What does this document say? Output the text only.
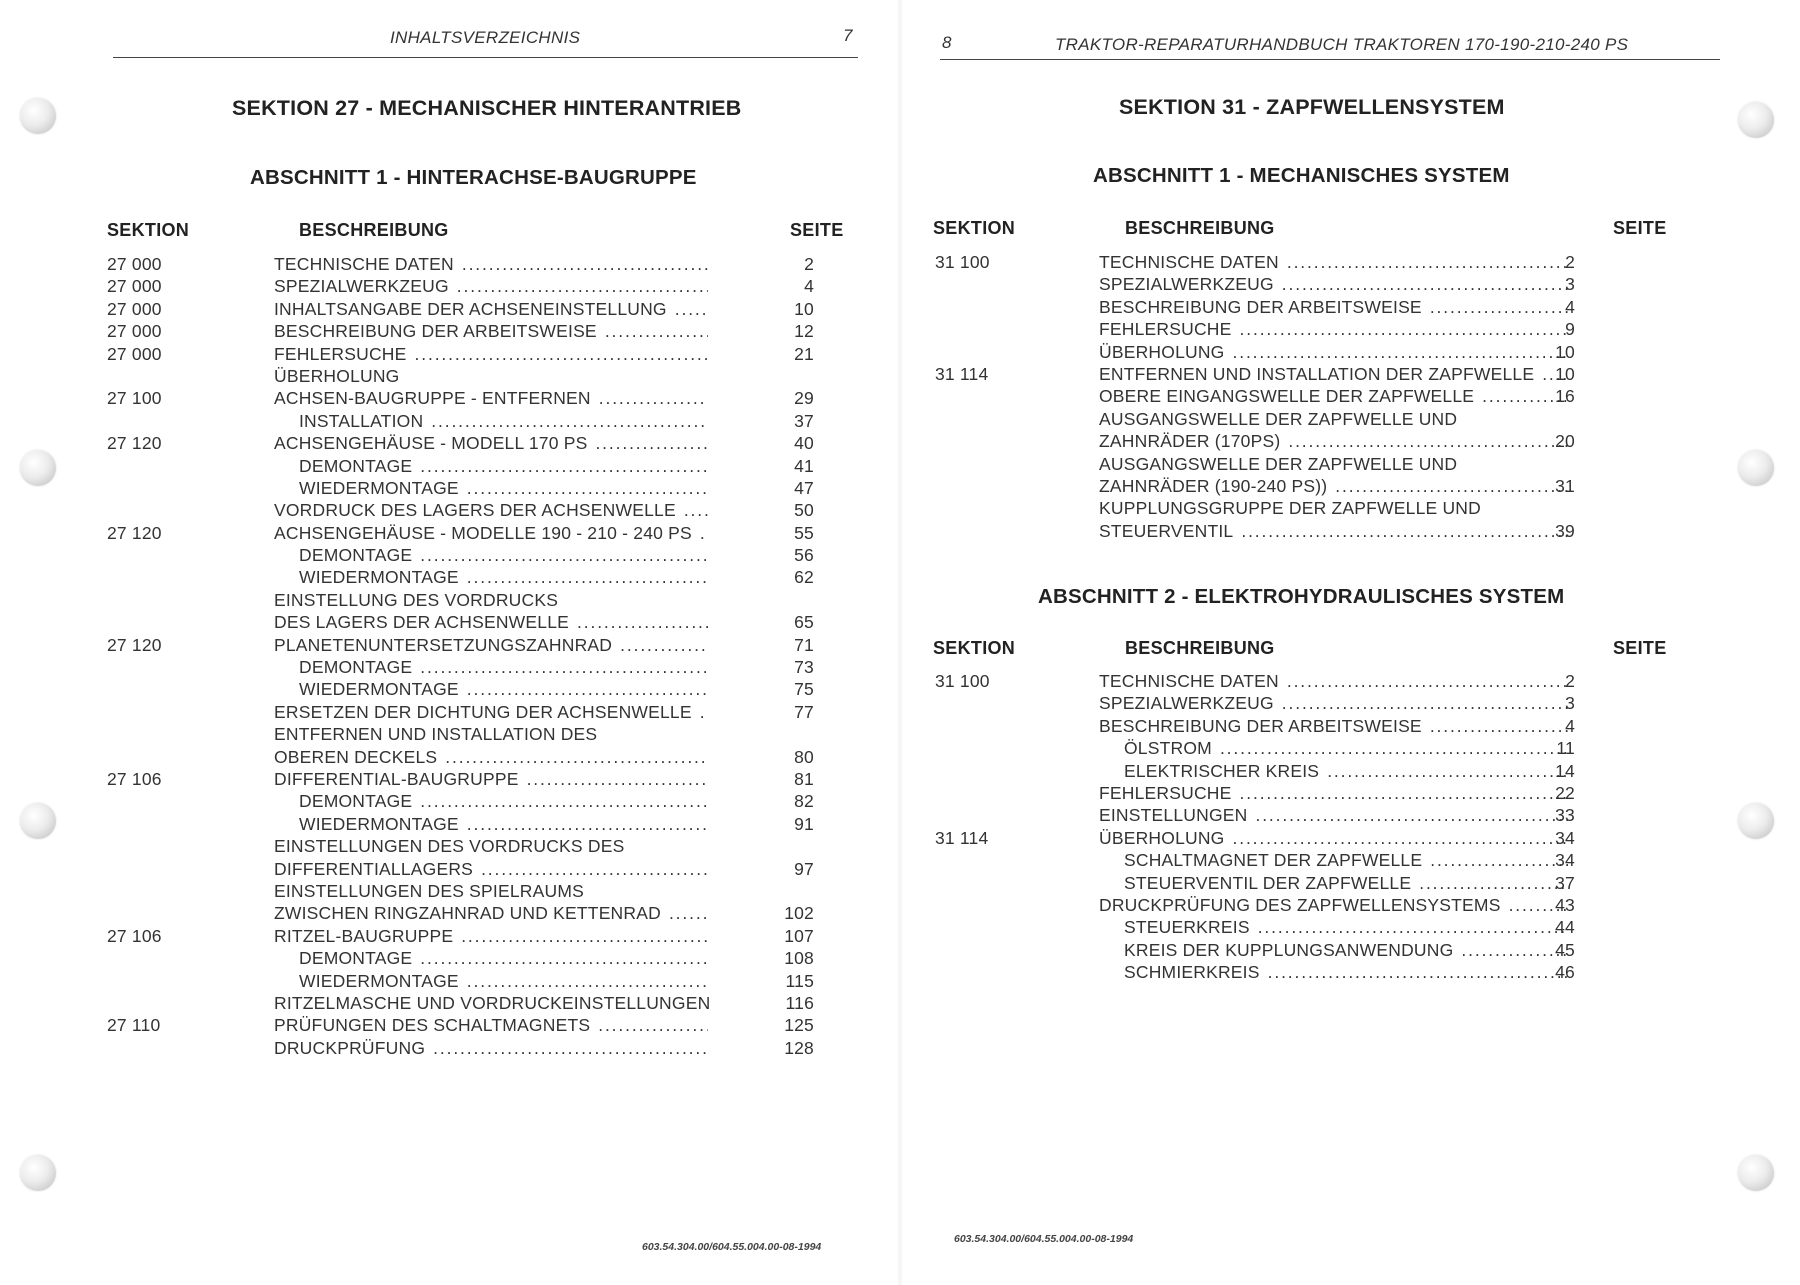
INHALTSVERZEICHNIS	7
SEKTION 27 - MECHANISCHER HINTERANTRIEB
ABSCHNITT 1 - HINTERACHSE-BAUGRUPPE
SEKTION	BESCHREIBUNG	SEITE
27 000	TECHNISCHE DATEN . . .	2
27 000	SPEZIALWERKZEUG . . .	4
27 000	INHALTSANGABE DER ACHSENEINSTELLUNG . . .	10
27 000	BESCHREIBUNG DER ARBEITSWEISE . . .	12
27 000	FEHLERSUCHE . . .	21
ÜBERHOLUNG
27 100	ACHSEN-BAUGRUPPE - ENTFERNEN . . .	29
INSTALLATION . . .	37
27 120	ACHSENGEHÄUSE - MODELL 170 PS . . .	40
DEMONTAGE . . .	41
WIEDERMONTAGE . . .	47
VORDRUCK DES LAGERS DER ACHSENWELLE . . .	50
27 120	ACHSENGEHÄUSE - MODELLE 190 - 210 - 240 PS . . .	55
DEMONTAGE . . .	56
WIEDERMONTAGE . . .	62
EINSTELLUNG DES VORDRUCKS
DES LAGERS DER ACHSENWELLE . . .	65
27 120	PLANETENUNTERSETZUNGSZAHNRAD . . .	71
DEMONTAGE . . .	73
WIEDERMONTAGE . . .	75
ERSETZEN DER DICHTUNG DER ACHSENWELLE . . .	77
ENTFERNEN UND INSTALLATION DES
OBEREN DECKELS . . .	80
27 106	DIFFERENTIAL-BAUGRUPPE . . .	81
DEMONTAGE . . .	82
WIEDERMONTAGE . . .	91
EINSTELLUNGEN DES VORDRUCKS DES
DIFFERENTIALLAGERS . . .	97
EINSTELLUNGEN DES SPIELRAUMS
ZWISCHEN RINGZAHNRAD UND KETTENRAD . . .	102
27 106	RITZEL-BAUGRUPPE . . .	107
DEMONTAGE . . .	108
WIEDERMONTAGE . . .	115
RITZELMASCHE UND VORDRUCKEINSTELLUNGEN	116
27 110	PRÜFUNGEN DES SCHALTMAGNETS . . .	125
DRUCKPRÜFUNG . . .	128
603.54.304.00/604.55.004.00-08-1994
8	TRAKTOR-REPARATURHANDBUCH TRAKTOREN 170-190-210-240 PS
SEKTION 31 - ZAPFWELLENSYSTEM
ABSCHNITT 1 - MECHANISCHES SYSTEM
SEKTION	BESCHREIBUNG	SEITE
31 100	TECHNISCHE DATEN . . .	2
SPEZIALWERKZEUG . . .	3
BESCHREIBUNG DER ARBEITSWEISE . . .	4
FEHLERSUCHE . . .	9
ÜBERHOLUNG . . .	10
31 114	ENTFERNEN UND INSTALLATION DER ZAPFWELLE . . .	10
OBERE EINGANGSWELLE DER ZAPFWELLE . . .	16
AUSGANGSWELLE DER ZAPFWELLE UND
ZAHNRÄDER (170PS) . . .	20
AUSGANGSWELLE DER ZAPFWELLE UND
ZAHNRÄDER (190-240 PS)) . . .	31
KUPPLUNGSGRUPPE DER ZAPFWELLE UND
STEUERVENTIL . . .	39
ABSCHNITT 2 - ELEKTROHYDRAULISCHES SYSTEM
SEKTION	BESCHREIBUNG	SEITE
31 100	TECHNISCHE DATEN . . .	2
SPEZIALWERKZEUG . . .	3
BESCHREIBUNG DER ARBEITSWEISE . . .	4
ÖLSTROM . . .	11
ELEKTRISCHER KREIS . . .	14
FEHLERSUCHE . . .	22
EINSTELLUNGEN . . .	33
31 114	ÜBERHOLUNG . . .	34
SCHALTMAGNET DER ZAPFWELLE . . .	34
STEUERVENTIL DER ZAPFWELLE . . .	37
DRUCKPRÜFUNG DES ZAPFWELLENSYSTEMS . . .	43
STEUERKREIS . . .	44
KREIS DER KUPPLUNGSANWENDUNG . . .	45
SCHMIERKREIS . . .	46
603.54.304.00/604.55.004.00-08-1994
